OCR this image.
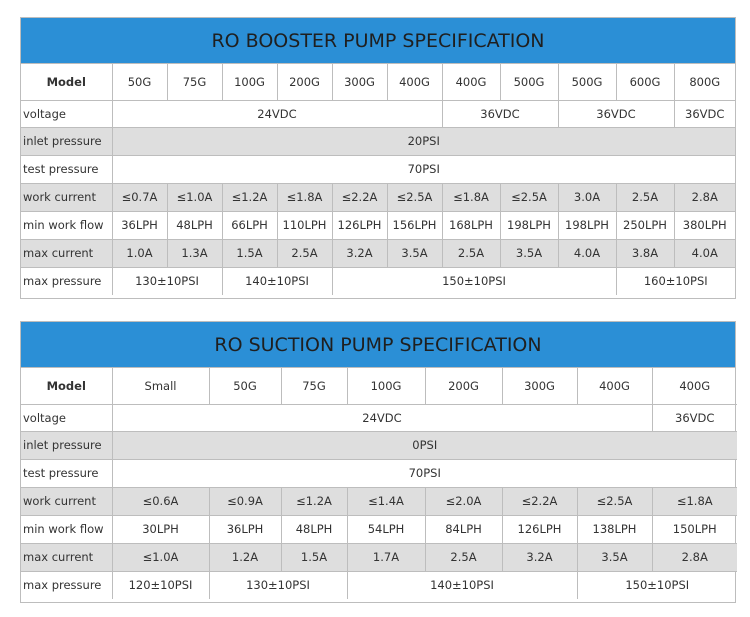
RO BOOSTER PUMP SPECIFICATION
Model	50G	75G	100G	200G	300G	400G	400G	500G	500G	600G	800G
voltage	24VDC						36VDC		36VDC		36VDC
inlet pressure	20PSI										
test pressure	70PSI										
work current	≤0.7A	≤1.0A	≤1.2A	≤1.8A	≤2.2A	≤2.5A	≤1.8A	≤2.5A	3.0A	2.5A	2.8A
min work flow	36LPH	48LPH	66LPH	110LPH	126LPH	156LPH	168LPH	198LPH	198LPH	250LPH	380LPH
max current	1.0A	1.3A	1.5A	2.5A	3.2A	3.5A	2.5A	3.5A	4.0A	3.8A	4.0A
max pressure	130±10PSI		140±10PSI		150±10PSI					160±10PSI	
RO SUCTION PUMP SPECIFICATION
Model	Small	50G	75G	100G	200G	300G	400G	400G
voltage	24VDC							36VDC
inlet pressure	0PSI							
test pressure	70PSI							
work current	≤0.6A	≤0.9A	≤1.2A	≤1.4A	≤2.0A	≤2.2A	≤2.5A	≤1.8A
min work flow	30LPH	36LPH	48LPH	54LPH	84LPH	126LPH	138LPH	150LPH
max current	≤1.0A	1.2A	1.5A	1.7A	2.5A	3.2A	3.5A	2.8A
max pressure	120±10PSI	130±10PSI		140±10PSI			150±10PSI	
